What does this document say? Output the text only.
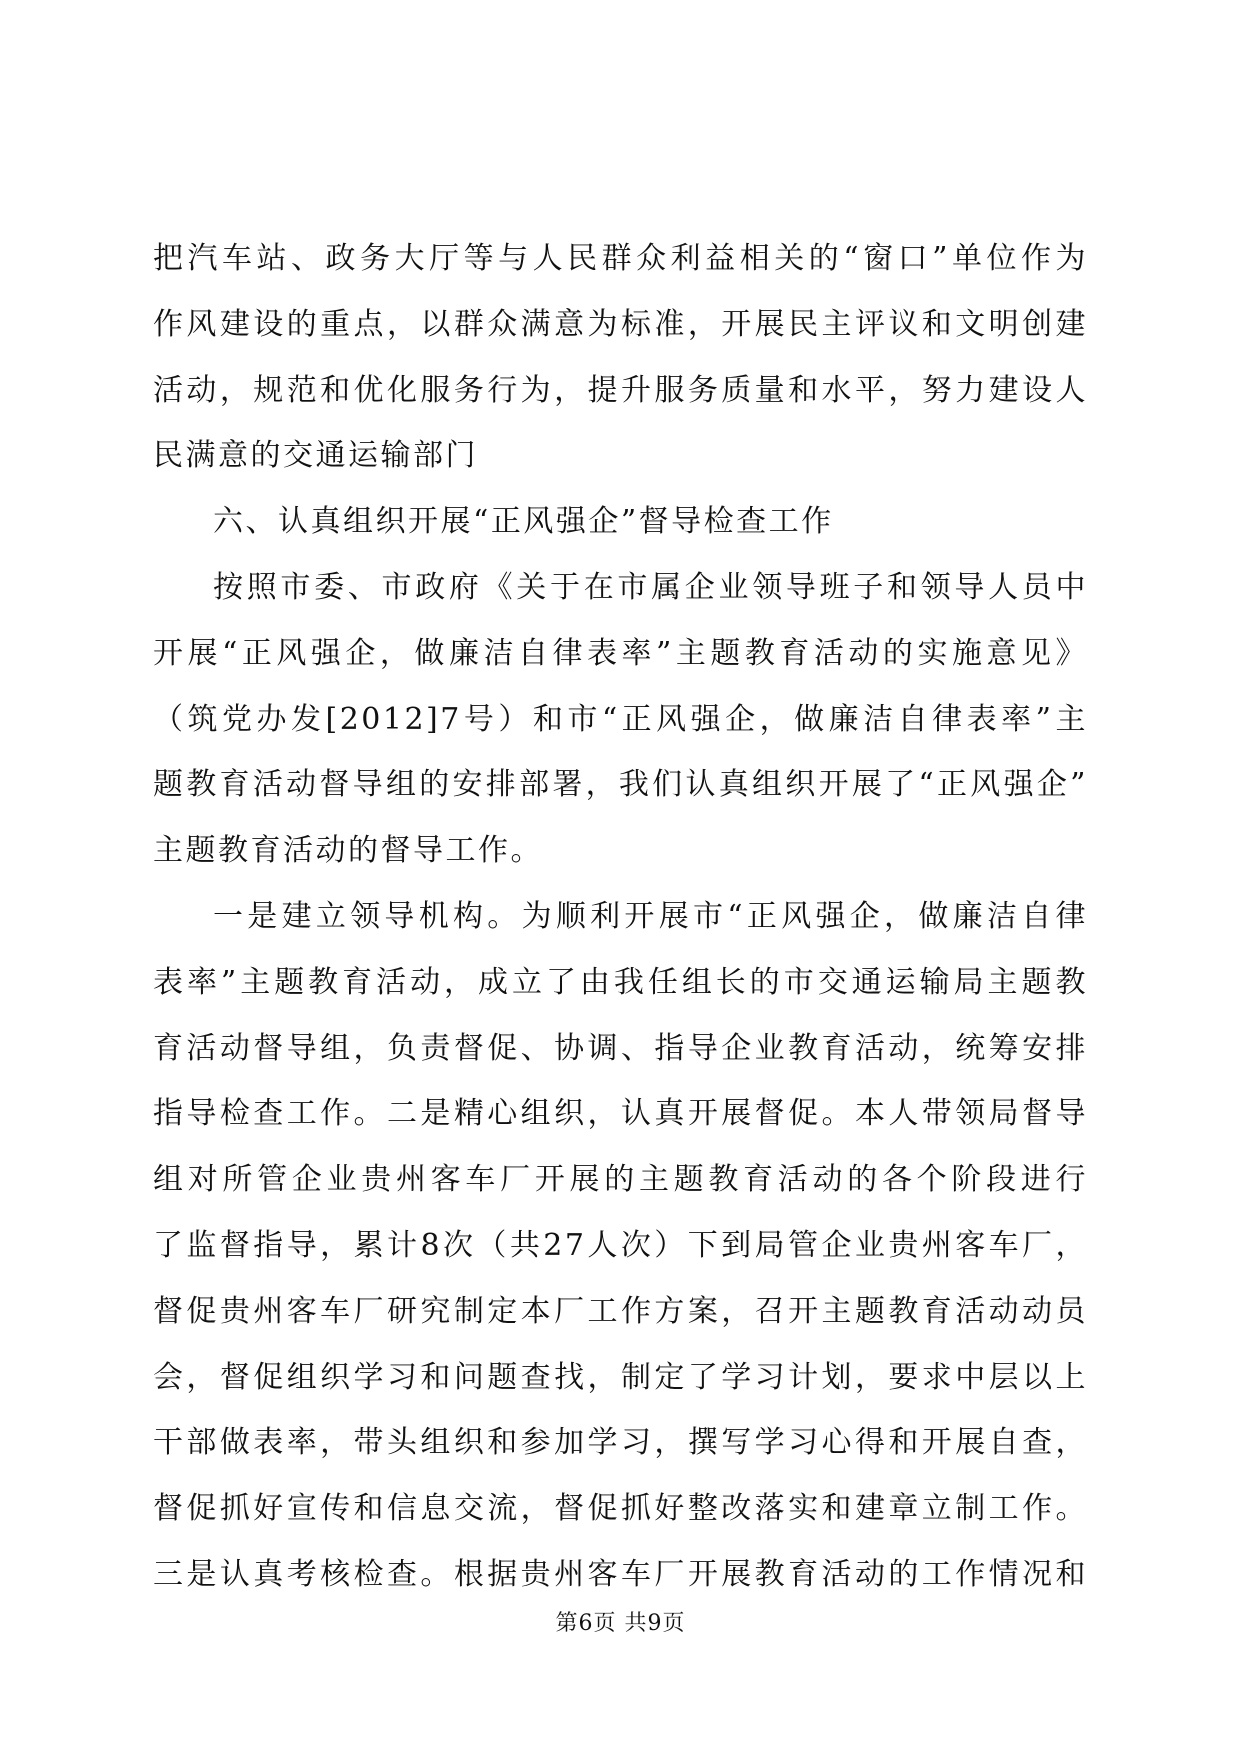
把汽车站、政务大厅等与人民群众利益相关的“窗口”单位作为
作风建设的重点，以群众满意为标准，开展民主评议和文明创建
活动，规范和优化服务行为，提升服务质量和水平，努力建设人
民满意的交通运输部门
六、认真组织开展“正风强企”督导检查工作
按照市委、市政府《关于在市属企业领导班子和领导人员中
开展“正风强企，做廉洁自律表率”主题教育活动的实施意见》
（筑党办发[2012]7号）和市“正风强企，做廉洁自律表率”主
题教育活动督导组的安排部署，我们认真组织开展了“正风强企”
主题教育活动的督导工作。
一是建立领导机构。为顺利开展市“正风强企，做廉洁自律
表率”主题教育活动，成立了由我任组长的市交通运输局主题教
育活动督导组，负责督促、协调、指导企业教育活动，统筹安排
指导检查工作。二是精心组织，认真开展督促。本人带领局督导
组对所管企业贵州客车厂开展的主题教育活动的各个阶段进行
了监督指导，累计8次（共27人次）下到局管企业贵州客车厂，
督促贵州客车厂研究制定本厂工作方案，召开主题教育活动动员
会，督促组织学习和问题查找，制定了学习计划，要求中层以上
干部做表率，带头组织和参加学习，撰写学习心得和开展自查，
督促抓好宣传和信息交流，督促抓好整改落实和建章立制工作。
三是认真考核检查。根据贵州客车厂开展教育活动的工作情况和
第6页 共9页
